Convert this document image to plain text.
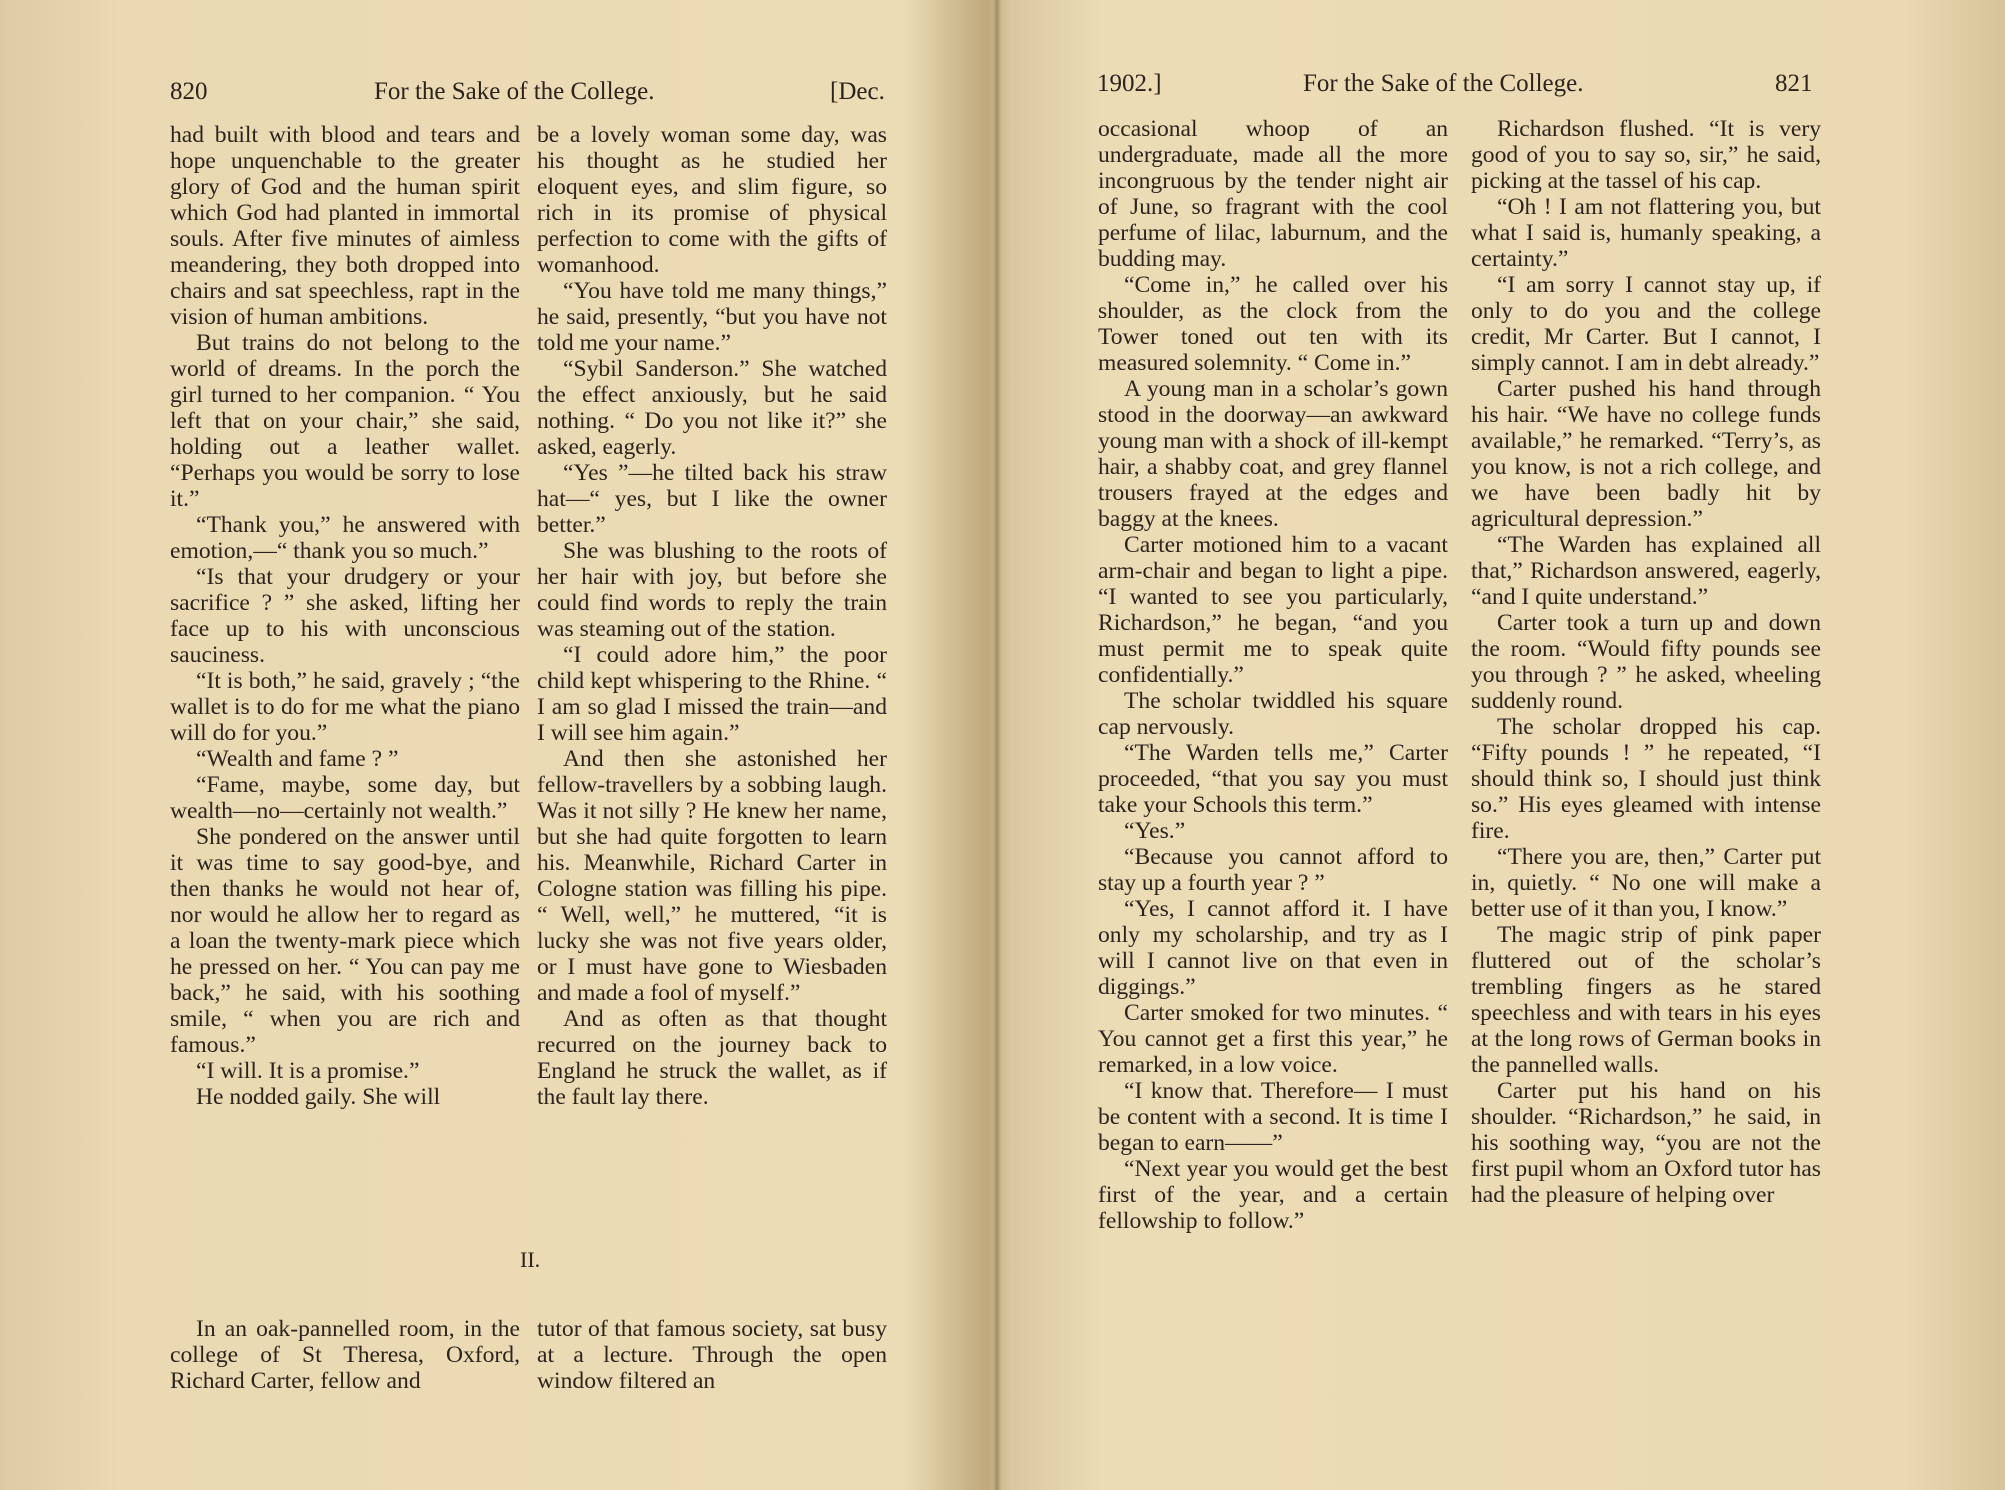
820	For the Sake of the College.	[Dec.

had built with blood and tears and hope unquenchable to the greater glory of God and the human spirit which God had planted in immortal souls. After five minutes of aimless meandering, they both dropped into chairs and sat speechless, rapt in the vision of human ambitions.

But trains do not belong to the world of dreams. In the porch the girl turned to her companion. “ You left that on your chair,” she said, holding out a leather wallet. “Perhaps you would be sorry to lose it.”

“Thank you,” he answered with emotion,—“ thank you so much.”

“Is that your drudgery or your sacrifice ? ” she asked, lifting her face up to his with unconscious sauciness.

“It is both,” he said, gravely ; “the wallet is to do for me what the piano will do for you.”

“Wealth and fame ? ”

“Fame, maybe, some day, but wealth—no—certainly not wealth.”

She pondered on the answer until it was time to say good-bye, and then thanks he would not hear of, nor would he allow her to regard as a loan the twenty-mark piece which he pressed on her. “ You can pay me back,” he said, with his soothing smile, “ when you are rich and famous.”

“I will. It is a promise.”

He nodded gaily. She will

be a lovely woman some day, was his thought as he studied her eloquent eyes, and slim figure, so rich in its promise of physical perfection to come with the gifts of womanhood.

“You have told me many things,” he said, presently, “but you have not told me your name.”

“Sybil Sanderson.” She watched the effect anxiously, but he said nothing. “ Do you not like it?” she asked, eagerly.

“Yes ”—he tilted back his straw hat—“ yes, but I like the owner better.”

She was blushing to the roots of her hair with joy, but before she could find words to reply the train was steaming out of the station.

“I could adore him,” the poor child kept whispering to the Rhine. “ I am so glad I missed the train—and I will see him again.”

And then she astonished her fellow-travellers by a sobbing laugh. Was it not silly ? He knew her name, but she had quite forgotten to learn his. Meanwhile, Richard Carter in Cologne station was filling his pipe. “ Well, well,” he muttered, “it is lucky she was not five years older, or I must have gone to Wiesbaden and made a fool of myself.”

And as often as that thought recurred on the journey back to England he struck the wallet, as if the fault lay there.

II.

In an oak-pannelled room, in the college of St Theresa, Oxford, Richard Carter, fellow and

tutor of that famous society, sat busy at a lecture. Through the open window filtered an

1902.]	For the Sake of the College.	821

occasional whoop of an undergraduate, made all the more incongruous by the tender night air of June, so fragrant with the cool perfume of lilac, laburnum, and the budding may.

“Come in,” he called over his shoulder, as the clock from the Tower toned out ten with its measured solemnity. “ Come in.”

A young man in a scholar’s gown stood in the doorway—an awkward young man with a shock of ill-kempt hair, a shabby coat, and grey flannel trousers frayed at the edges and baggy at the knees.

Carter motioned him to a vacant arm-chair and began to light a pipe. “I wanted to see you particularly, Richardson,” he began, “and you must permit me to speak quite confidentially.”

The scholar twiddled his square cap nervously.

“The Warden tells me,” Carter proceeded, “that you say you must take your Schools this term.”

“Yes.”

“Because you cannot afford to stay up a fourth year ? ”

“Yes, I cannot afford it. I have only my scholarship, and try as I will I cannot live on that even in diggings.”

Carter smoked for two minutes. “ You cannot get a first this year,” he remarked, in a low voice.

“I know that. Therefore— I must be content with a second. It is time I began to earn——”

“Next year you would get the best first of the year, and a certain fellowship to follow.”

Richardson flushed. “It is very good of you to say so, sir,” he said, picking at the tassel of his cap.

“Oh ! I am not flattering you, but what I said is, humanly speaking, a certainty.”

“I am sorry I cannot stay up, if only to do you and the college credit, Mr Carter. But I cannot, I simply cannot. I am in debt already.”

Carter pushed his hand through his hair. “We have no college funds available,” he remarked. “Terry’s, as you know, is not a rich college, and we have been badly hit by agricultural depression.”

“The Warden has explained all that,” Richardson answered, eagerly, “and I quite understand.”

Carter took a turn up and down the room. “Would fifty pounds see you through ? ” he asked, wheeling suddenly round.

The scholar dropped his cap. “Fifty pounds ! ” he repeated, “I should think so, I should just think so.” His eyes gleamed with intense fire.

“There you are, then,” Carter put in, quietly. “ No one will make a better use of it than you, I know.”

The magic strip of pink paper fluttered out of the scholar’s trembling fingers as he stared speechless and with tears in his eyes at the long rows of German books in the pannelled walls.

Carter put his hand on his shoulder. “Richardson,” he said, in his soothing way, “you are not the first pupil whom an Oxford tutor has had the pleasure of helping over
